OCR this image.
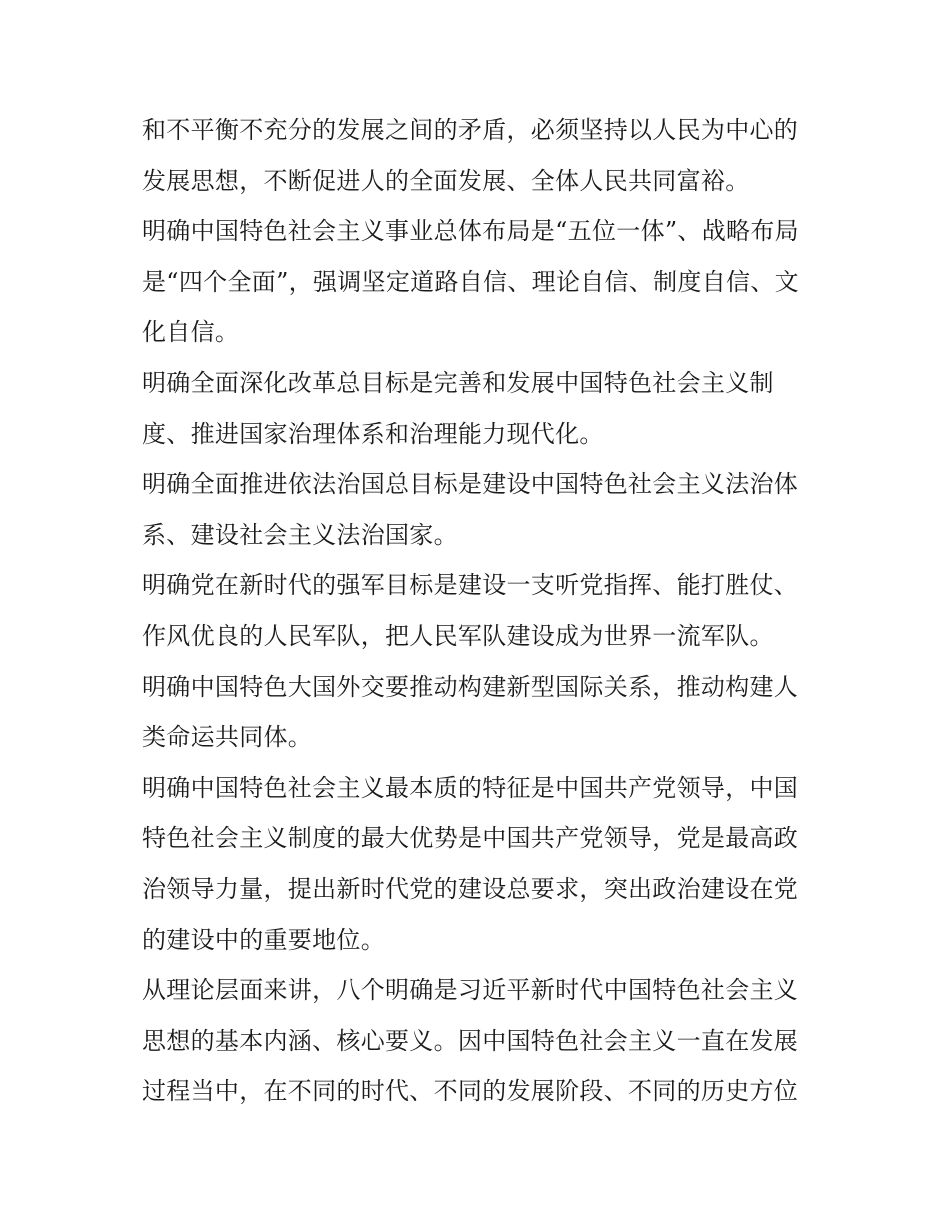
和不平衡不充分的发展之间的矛盾，必须坚持以人民为中心的
发展思想，不断促进人的全面发展、全体人民共同富裕。
明确中国特色社会主义事业总体布局是“五位一体”、战略布局
是“四个全面”，强调坚定道路自信、理论自信、制度自信、文
化自信。
明确全面深化改革总目标是完善和发展中国特色社会主义制
度、推进国家治理体系和治理能力现代化。
明确全面推进依法治国总目标是建设中国特色社会主义法治体
系、建设社会主义法治国家。
明确党在新时代的强军目标是建设一支听党指挥、能打胜仗、
作风优良的人民军队，把人民军队建设成为世界一流军队。
明确中国特色大国外交要推动构建新型国际关系，推动构建人
类命运共同体。
明确中国特色社会主义最本质的特征是中国共产党领导，中国
特色社会主义制度的最大优势是中国共产党领导，党是最高政
治领导力量，提出新时代党的建设总要求，突出政治建设在党
的建设中的重要地位。
从理论层面来讲，八个明确是习近平新时代中国特色社会主义
思想的基本内涵、核心要义。因中国特色社会主义一直在发展
过程当中，在不同的时代、不同的发展阶段、不同的历史方位
